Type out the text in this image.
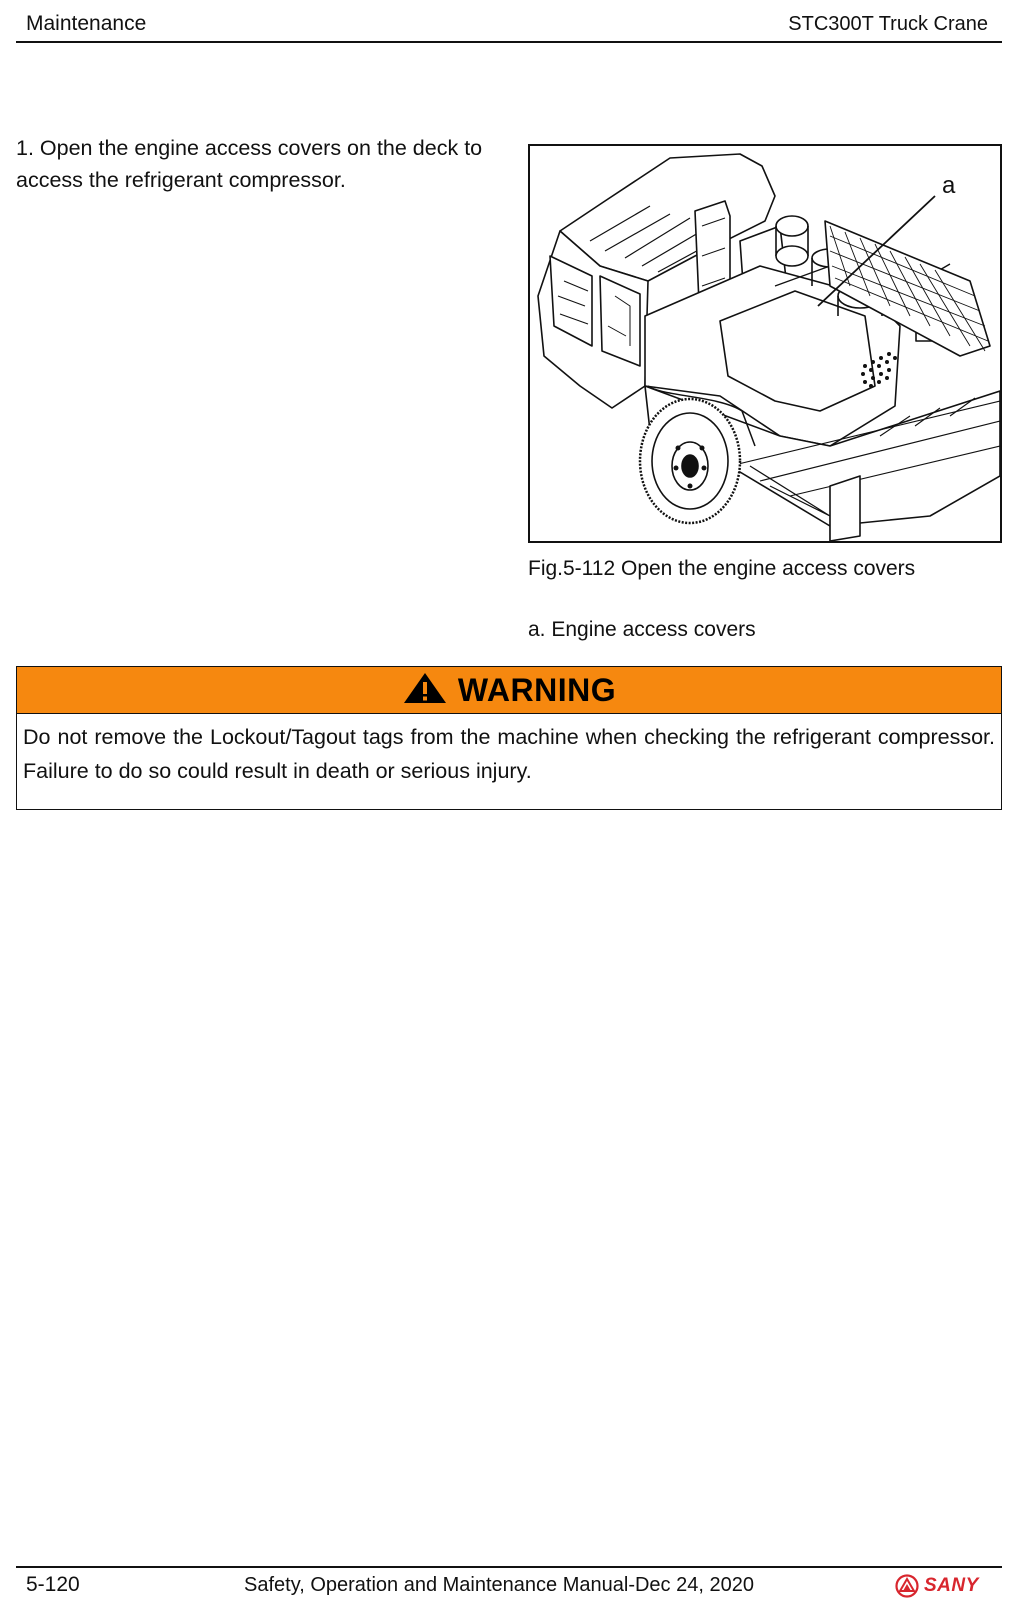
Maintenance	STC300T Truck Crane
1. Open the engine access covers on the deck to access the refrigerant compressor.	a
Fig.5-112 Open the engine access covers
a. Engine access covers
WARNING
Do not remove the Lockout/Tagout tags from the machine when checking the refrigerant compressor. Failure to do so could result in death or serious injury.
5-120	Safety, Operation and Maintenance Manual-Dec 24, 2020	SANY
